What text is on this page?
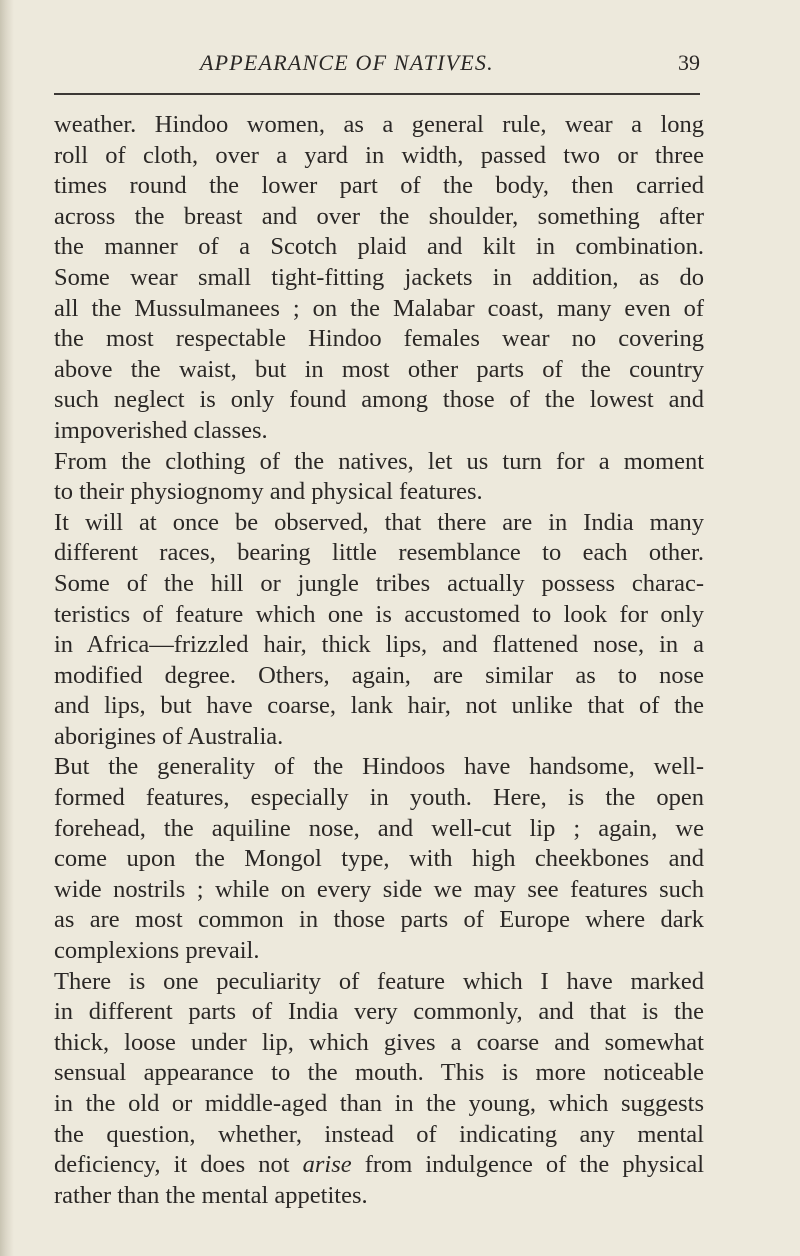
APPEARANCE OF NATIVES.	39
weather. Hindoo women, as a general rule, wear a long
roll of cloth, over a yard in width, passed two or three
times round the lower part of the body, then carried
across the breast and over the shoulder, something after
the manner of a Scotch plaid and kilt in combination.
Some wear small tight-fitting jackets in addition, as do
all the Mussulmanees ; on the Malabar coast, many even of
the most respectable Hindoo females wear no covering
above the waist, but in most other parts of the country
such neglect is only found among those of the lowest and
impoverished classes.
From the clothing of the natives, let us turn for a moment
to their physiognomy and physical features.
It will at once be observed, that there are in India many
different races, bearing little resemblance to each other.
Some of the hill or jungle tribes actually possess charac-
teristics of feature which one is accustomed to look for only
in Africa—frizzled hair, thick lips, and flattened nose, in a
modified degree. Others, again, are similar as to nose
and lips, but have coarse, lank hair, not unlike that of the
aborigines of Australia.
But the generality of the Hindoos have handsome, well-
formed features, especially in youth. Here, is the open
forehead, the aquiline nose, and well-cut lip ; again, we
come upon the Mongol type, with high cheekbones and
wide nostrils ; while on every side we may see features such
as are most common in those parts of Europe where dark
complexions prevail.
There is one peculiarity of feature which I have marked
in different parts of India very commonly, and that is the
thick, loose under lip, which gives a coarse and somewhat
sensual appearance to the mouth. This is more noticeable
in the old or middle-aged than in the young, which suggests
the question, whether, instead of indicating any mental
deficiency, it does not arise from indulgence of the physical
rather than the mental appetites.
